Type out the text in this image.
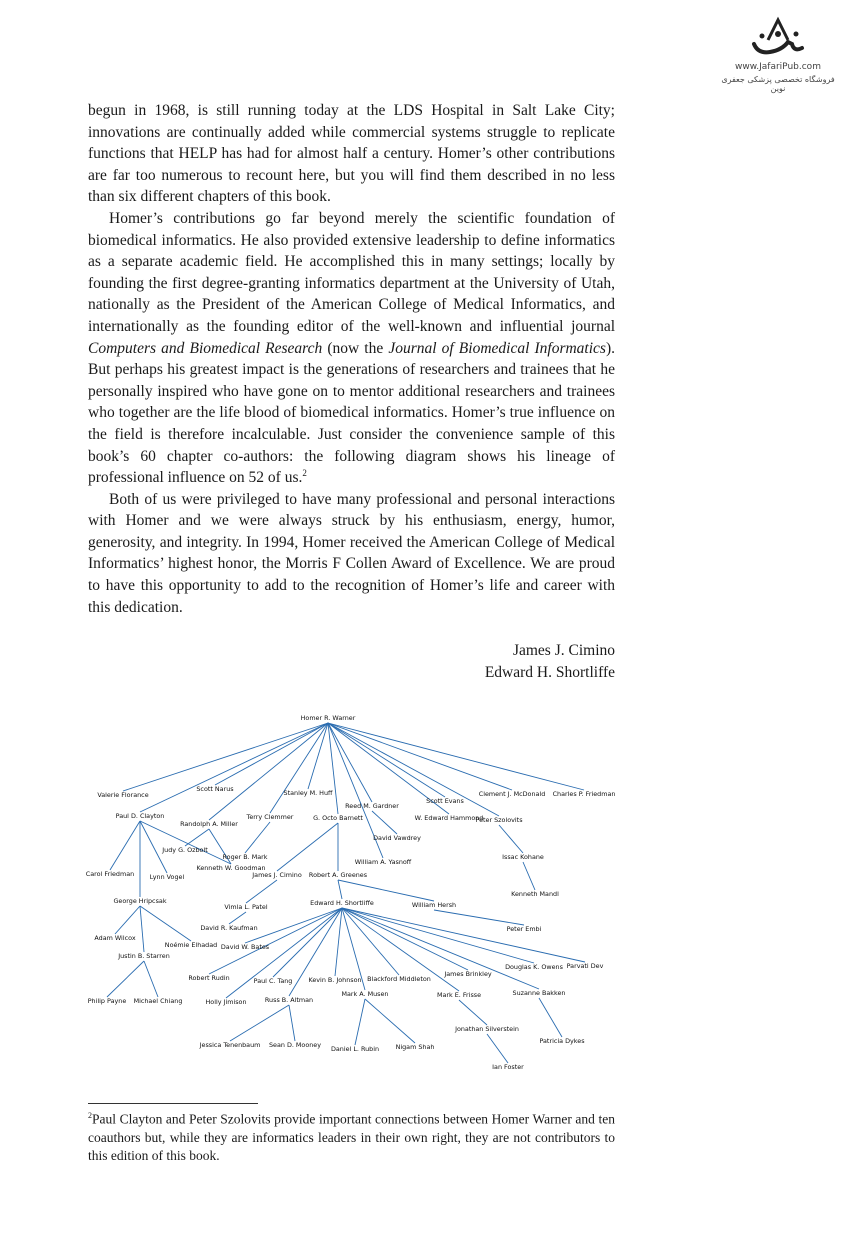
www.JafariPub.com
فروشگاه تخصصی پزشکی جعفری نوین

begun in 1968, is still running today at the LDS Hospital in Salt Lake City; innovations are continually added while commercial systems struggle to replicate functions that HELP has had for almost half a century. Homer’s other contributions are far too numerous to recount here, but you will find them described in no less than six different chapters of this book.

Homer’s contributions go far beyond merely the scientific foundation of biomedical informatics. He also provided extensive leadership to define informatics as a separate academic field. He accomplished this in many settings; locally by founding the first degree-granting informatics department at the University of Utah, nationally as the President of the American College of Medical Informatics, and internationally as the founding editor of the well-known and influential journal Computers and Biomedical Research (now the Journal of Biomedical Informatics). But perhaps his greatest impact is the generations of researchers and trainees that he personally inspired who have gone on to mentor additional researchers and trainees who together are the life blood of biomedical informatics. Homer’s true influence on the field is therefore incalculable. Just consider the convenience sample of this book’s 60 chapter co-authors: the following diagram shows his lineage of professional influence on 52 of us.$^2$

Both of us were privileged to have many professional and personal interactions with Homer and we were always struck by his enthusiasm, energy, humor, generosity, and integrity. In 1994, Homer received the American College of Medical Informatics’ highest honor, the Morris F Collen Award of Excellence. We are proud to have this opportunity to add to the recognition of Homer’s life and career with this dedication.

James J. Cimino
Edward H. Shortliffe
Homer R. Warner
Valerie Florance
Scott Narus	Stanley M. Huff
Reed M. Gardner
Scott Evans
Clement J. McDonald Charles P. Friedman
Paul D. Clayton	Terry Clemmer	G. Octo Barnett	W. Edward Hammond
Peter Szolovits
Randolph A. Miller
David Vawdrey
Judy G. Ozbolt
Roger B. Mark
William A. Yasnoff
Issac Kohane
Kenneth W. Goodman
Carol Friedman Lynn Vogel	James J. Cimino Robert A. Greenes
Kenneth Mandl
George Hripcsak
Vimla L. Patel	Edward H. Shortliffe	William Hersh
David R. Kaufman	Peter Embi
Adam Wilcox
Noémie Elhadad David W. Bates
Justin B. Starren
Douglas K. Owens Parvati Dev
James Brinkley
Robert Rudin	Paul C. Tang	Kevin B. Johnson Blackford Middleton
Suzanne Bakken
Philip Payne Michael Chiang	Holly Jimison	Russ B. Altman
Mark A. Musen	Mark E. Frisse
Jonathan Silverstein
Patricia Dykes
Jessica Tenenbaum Sean D. Mooney Daniel L. Rubin	Nigam Shah
Ian Foster
$^2$Paul Clayton and Peter Szolovits provide important connections between Homer Warner and ten coauthors but, while they are informatics leaders in their own right, they are not contributors to this edition of this book.
